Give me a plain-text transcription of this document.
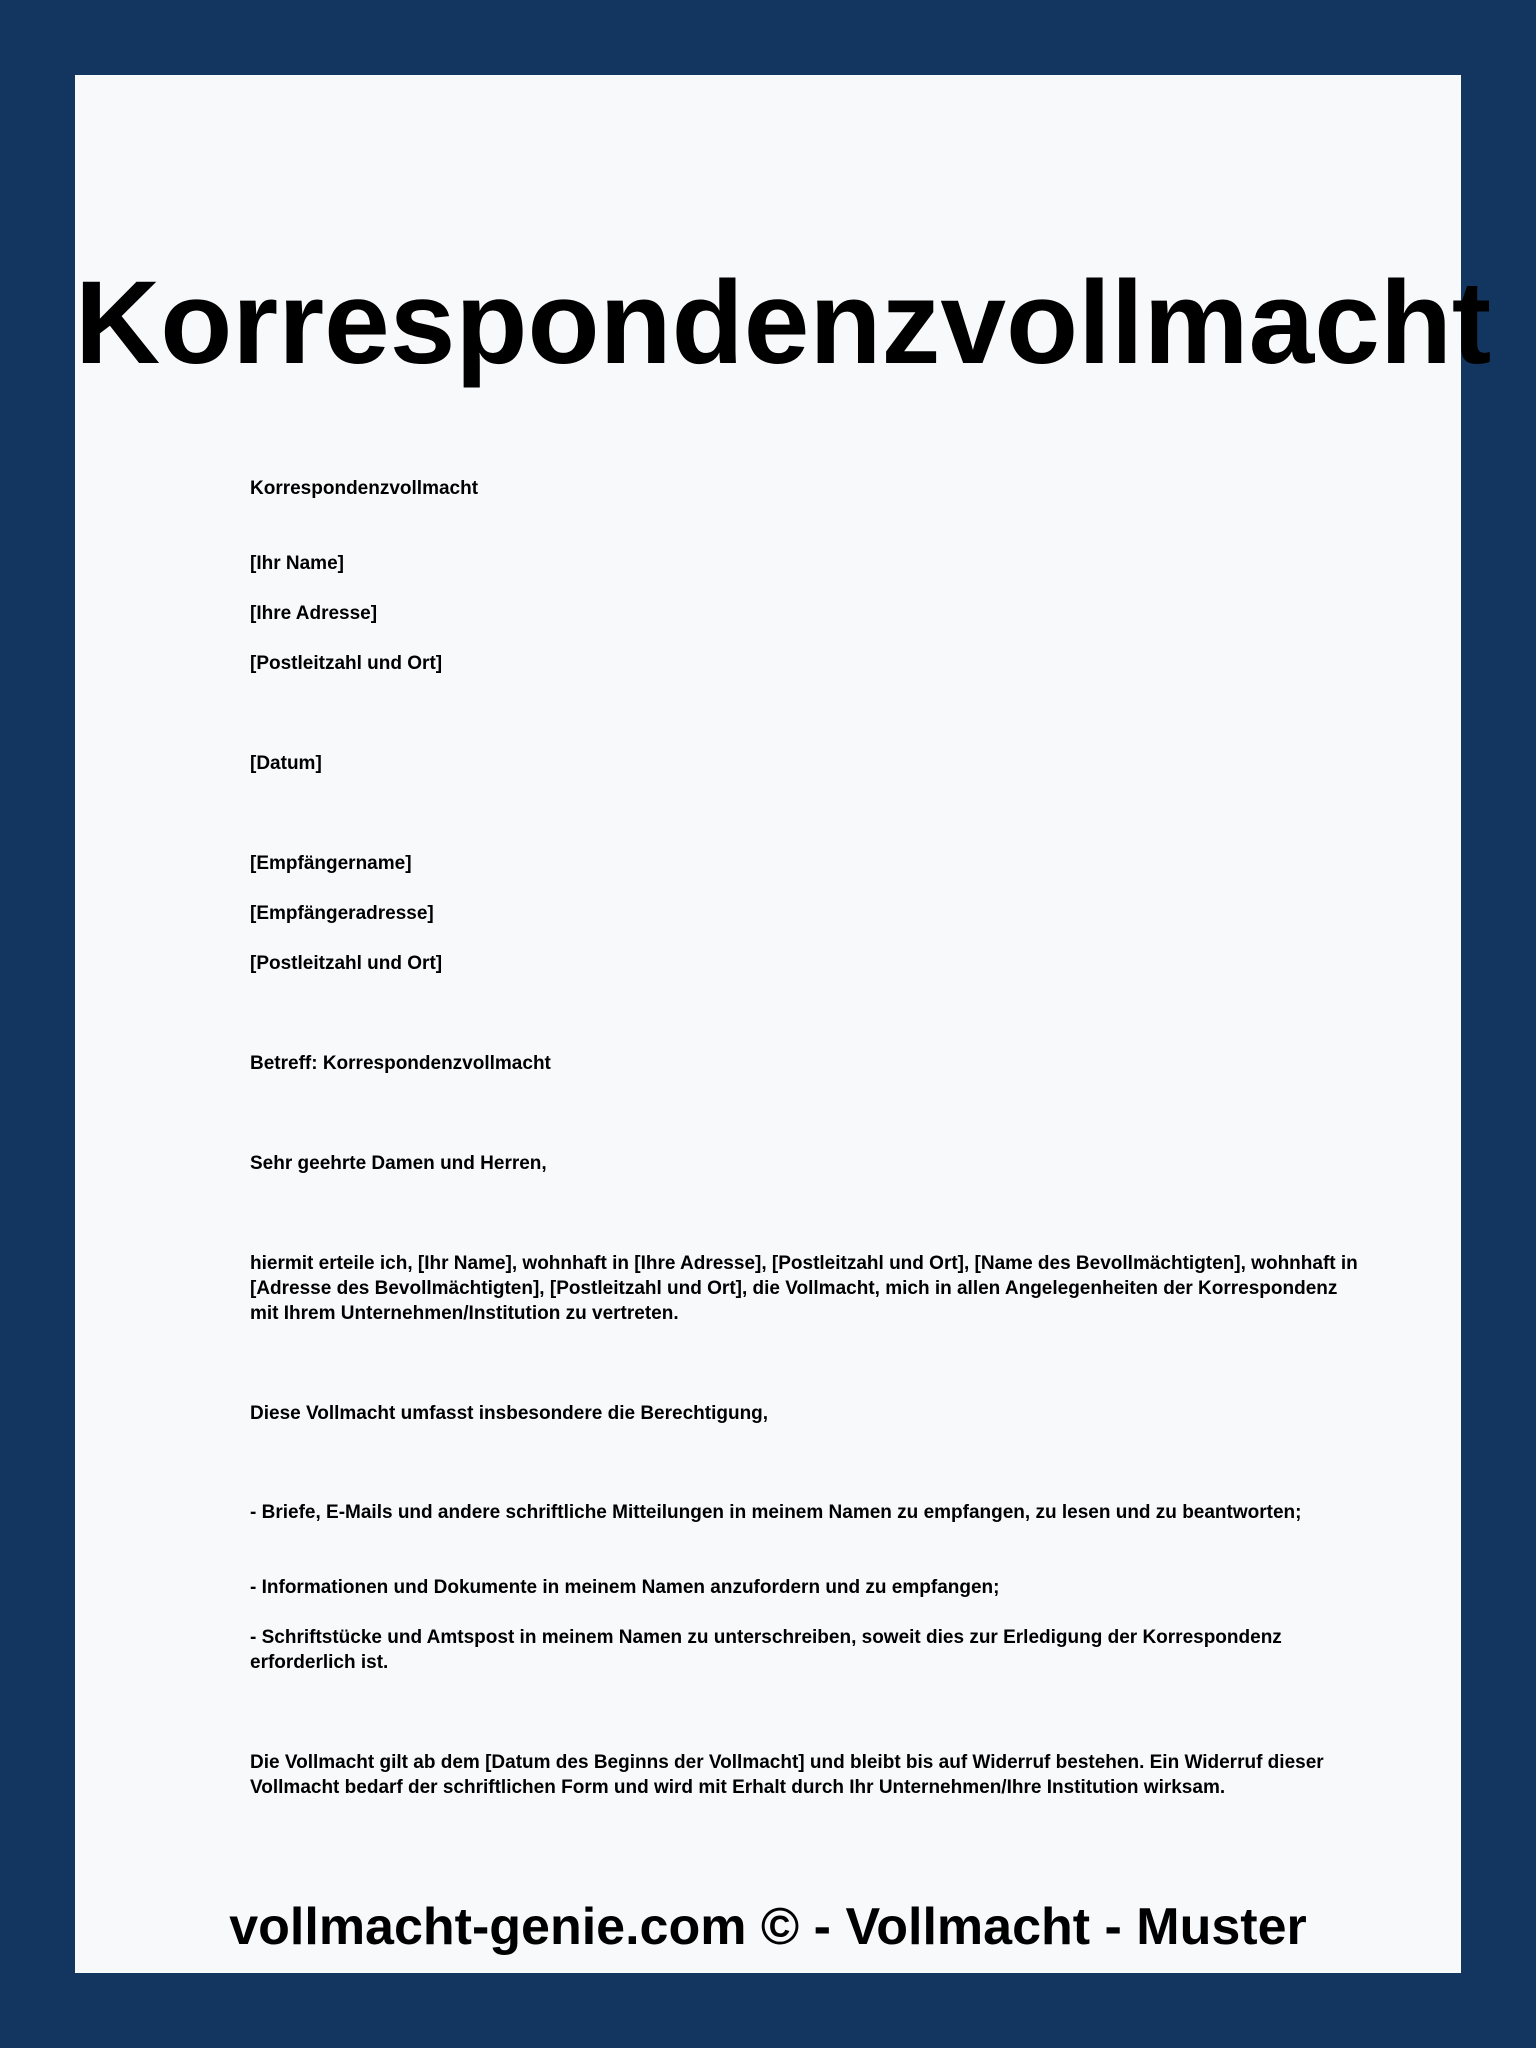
Korrespondenzvollmacht

Korrespondenzvollmacht

[Ihr Name]

[Ihre Adresse]

[Postleitzahl und Ort]

[Datum]

[Empfängername]

[Empfängeradresse]

[Postleitzahl und Ort]

Betreff: Korrespondenzvollmacht

Sehr geehrte Damen und Herren,

hiermit erteile ich, [Ihr Name], wohnhaft in [Ihre Adresse], [Postleitzahl und Ort], [Name des Bevollmächtigten], wohnhaft in [Adresse des Bevollmächtigten], [Postleitzahl und Ort], die Vollmacht, mich in allen Angelegenheiten der Korrespondenz mit Ihrem Unternehmen/Institution zu vertreten.

Diese Vollmacht umfasst insbesondere die Berechtigung,

- Briefe, E-Mails und andere schriftliche Mitteilungen in meinem Namen zu empfangen, zu lesen und zu beantworten;

- Informationen und Dokumente in meinem Namen anzufordern und zu empfangen;

- Schriftstücke und Amtspost in meinem Namen zu unterschreiben, soweit dies zur Erledigung der Korrespondenz erforderlich ist.

Die Vollmacht gilt ab dem [Datum des Beginns der Vollmacht] und bleibt bis auf Widerruf bestehen. Ein Widerruf dieser Vollmacht bedarf der schriftlichen Form und wird mit Erhalt durch Ihr Unternehmen/Ihre Institution wirksam.

vollmacht-genie.com © - Vollmacht - Muster
